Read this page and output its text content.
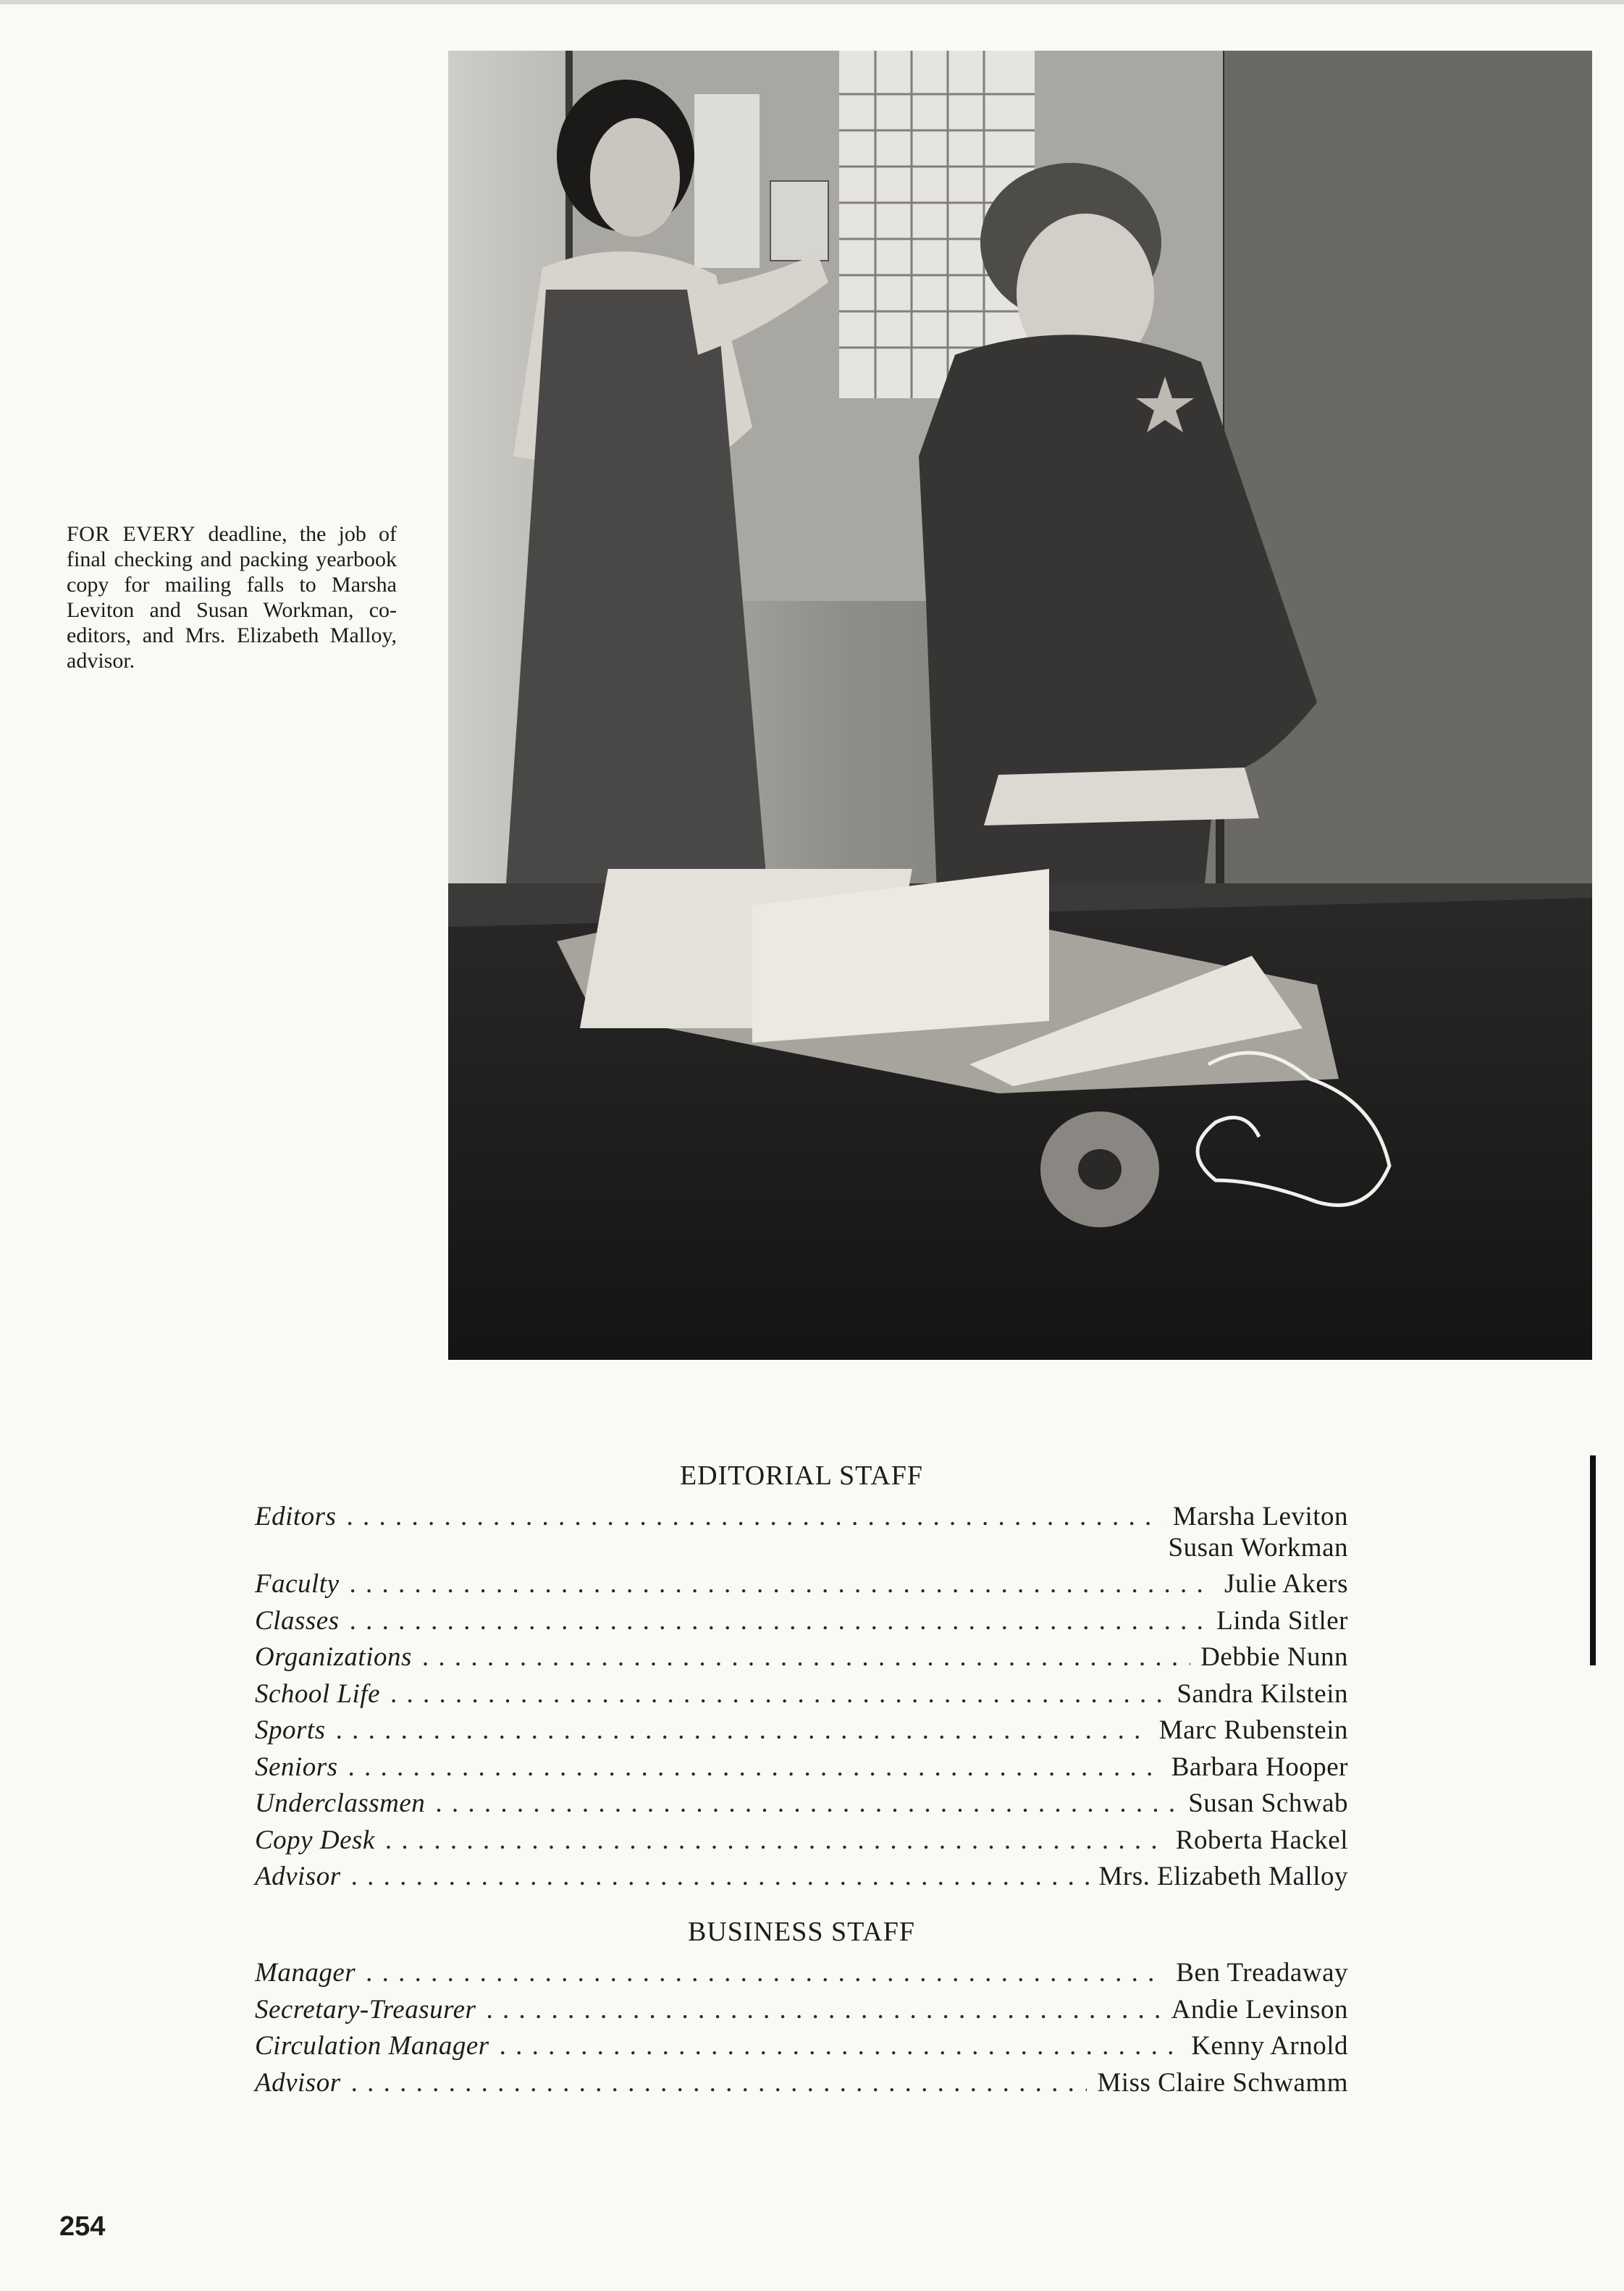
FOR EVERY deadline, the job of final checking and packing yearbook copy for mailing falls to Marsha Leviton and Susan Workman, co-editors, and Mrs. Elizabeth Malloy, advisor.
EDITORIAL STAFF
Editors . . .	Marsha Leviton
Susan Workman
Faculty . . .	Julie Akers
Classes . . .	Linda Sitler
Organizations . . .	Debbie Nunn
School Life . . .	Sandra Kilstein
Sports . . .	Marc Rubenstein
Seniors . . .	Barbara Hooper
Underclassmen . . .	Susan Schwab
Copy Desk . . .	Roberta Hackel
Advisor . . .	Mrs. Elizabeth Malloy
BUSINESS STAFF
Manager . . .	Ben Treadaway
Secretary-Treasurer . . .	Andie Levinson
Circulation Manager . . .	Kenny Arnold
Advisor . . .	Miss Claire Schwamm
254
